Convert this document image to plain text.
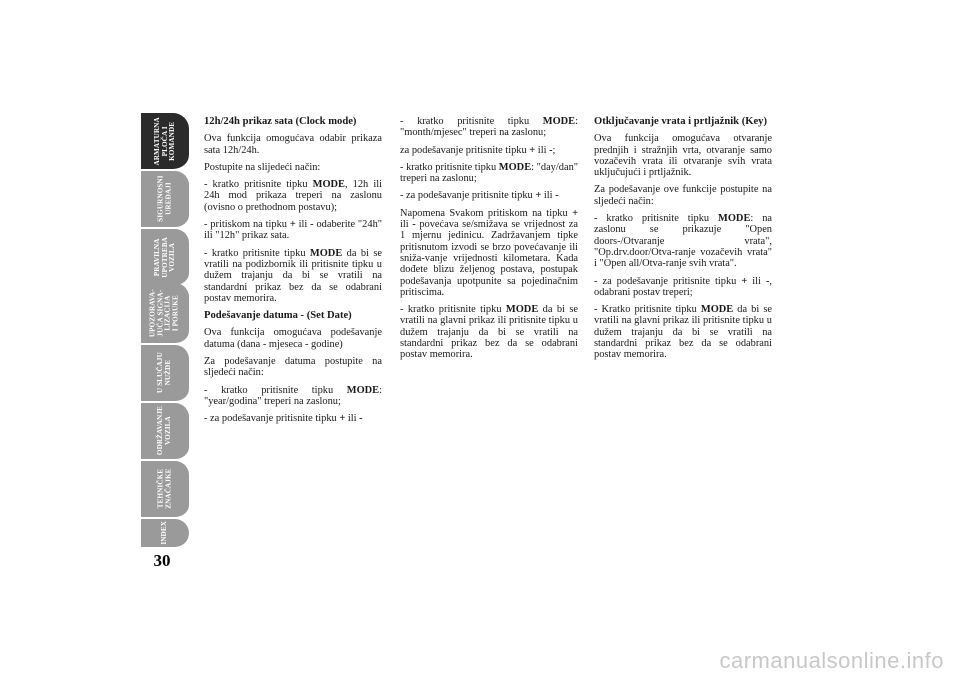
ARMATURNA
PLOČA I
KOMANDE
SIGURNOSNI
UREĐAJI
PRAVILNA
UPOTREBA
VOZILA
UPOZORAVA-
JUĆA SIGNA-
LIZACIJA
I PORUKE
U SLUČAJU
NUŽDE
ODRŽAVANJE
VOZILA
TEHNIČKE
ZNAČAJKE
INDEX
30
12h/24h prikaz sata (Clock mode)

Ova funkcija omogućava odabir prikaza sata 12h/24h.

Postupite na slijedeći način:

- kratko pritisnite tipku MODE, 12h ili 24h mod prikaza treperi na zaslonu (ovisno o prethodnom postavu);

- pritiskom na tipku + ili - odaberite "24h" ili "12h" prikaz sata.

- kratko pritisnite tipku MODE da bi se vratili na podizbornik ili pritisnite tipku u dužem trajanju da bi se vratili na standardni prikaz bez da se odabrani postav memorira.

Podešavanje datuma - (Set Date)

Ova funkcija omogućava podešavanje datuma (dana - mjeseca - godine)

Za podešavanje datuma postupite na sljedeći način:

- kratko pritisnite tipku MODE: "year/godina" treperi na zaslonu;

- za podešavanje pritisnite tipku + ili -

- kratko pritisnite tipku MODE: "month/mjesec" treperi na zaslonu;

za podešavanje pritisnite tipku + ili -;

- kratko pritisnite tipku MODE: "day/dan" treperi na zaslonu;

- za podešavanje pritisnite tipku + ili -

Napomena Svakom pritiskom na tipku + ili - povećava se/smižava se vrijednost za 1 mjernu jedinicu. Zadržavanjem tipke pritisnutom izvodi se brzo povećavanje ili sniža-vanje vrijednosti kilometara. Kada dođete blizu željenog postava, postupak podešavanja upotpunite sa pojedinačnim pritiscima.

- kratko pritisnite tipku MODE da bi se vratili na glavni prikaz ili pritisnite tipku u dužem trajanju da bi se vratili na standardni prikaz bez da se odabrani postav memorira.

Otključavanje vrata i prtljažnik (Key)

Ova funkcija omogućava otvaranje prednjih i stražnjih vrta, otvaranje samo vozačevih vrata ili otvaranje svih vrata uključujući i prtljažnik.

Za podešavanje ove funkcije postupite na sljedeći način:

- kratko pritisnite tipku MODE: na zaslonu se prikazuje "Open doors-/Otvaranje vrata", "Op.drv.door/Otva-ranje vozačevih vrata" i "Open all/Otva-ranje svih vrata".

- za podešavanje pritisnite tipku + ili -, odabrani postav treperi;

- Kratko pritisnite tipku MODE da bi se vratili na glavni prikaz ili pritisnite tipku u dužem trajanju da bi se vratili na standardni prikaz bez da se odabrani postav memorira.

carmanualsonline.info
